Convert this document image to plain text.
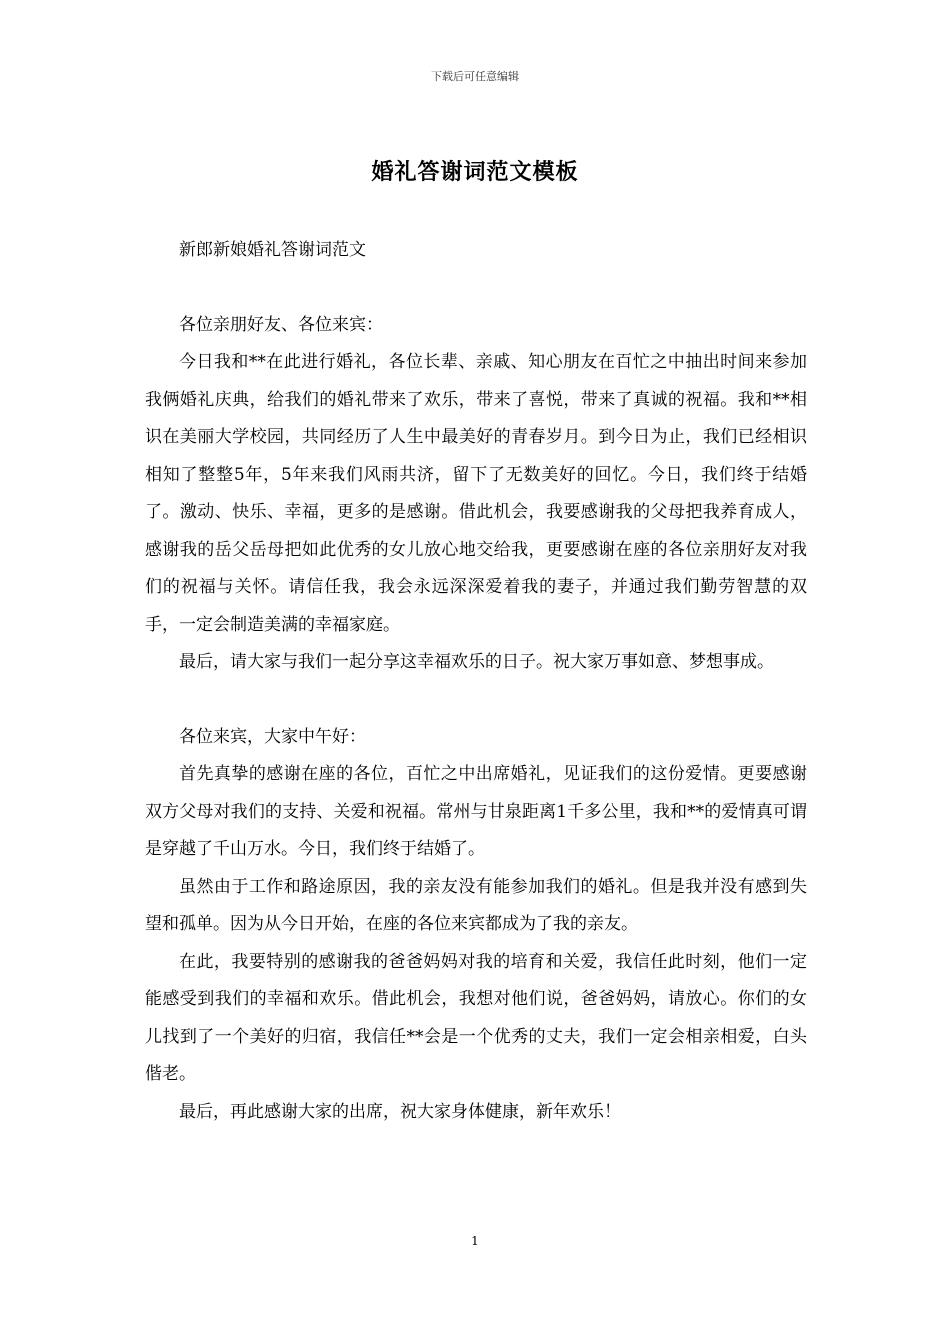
下载后可任意编辑
婚礼答谢词范文模板

新郎新娘婚礼答谢词范文

各位亲朋好友、各位来宾：

今日我和**在此进行婚礼，各位长辈、亲戚、知心朋友在百忙之中抽出时间来参加我俩婚礼庆典，给我们的婚礼带来了欢乐，带来了喜悦，带来了真诚的祝福。我和**相识在美丽大学校园，共同经历了人生中最美好的青春岁月。到今日为止，我们已经相识相知了整整5年，5年来我们风雨共济，留下了无数美好的回忆。今日，我们终于结婚了。激动、快乐、幸福，更多的是感谢。借此机会，我要感谢我的父母把我养育成人，感谢我的岳父岳母把如此优秀的女儿放心地交给我，更要感谢在座的各位亲朋好友对我们的祝福与关怀。请信任我，我会永远深深爱着我的妻子，并通过我们勤劳智慧的双手，一定会制造美满的幸福家庭。

最后，请大家与我们一起分享这幸福欢乐的日子。祝大家万事如意、梦想事成。

各位来宾，大家中午好：

首先真挚的感谢在座的各位，百忙之中出席婚礼，见证我们的这份爱情。更要感谢双方父母对我们的支持、关爱和祝福。常州与甘泉距离1千多公里，我和**的爱情真可谓是穿越了千山万水。今日，我们终于结婚了。

虽然由于工作和路途原因，我的亲友没有能参加我们的婚礼。但是我并没有感到失望和孤单。因为从今日开始，在座的各位来宾都成为了我的亲友。

在此，我要特别的感谢我的爸爸妈妈对我的培育和关爱，我信任此时刻，他们一定能感受到我们的幸福和欢乐。借此机会，我想对他们说，爸爸妈妈，请放心。你们的女儿找到了一个美好的归宿，我信任**会是一个优秀的丈夫，我们一定会相亲相爱，白头偕老。

最后，再此感谢大家的出席，祝大家身体健康，新年欢乐！

1
